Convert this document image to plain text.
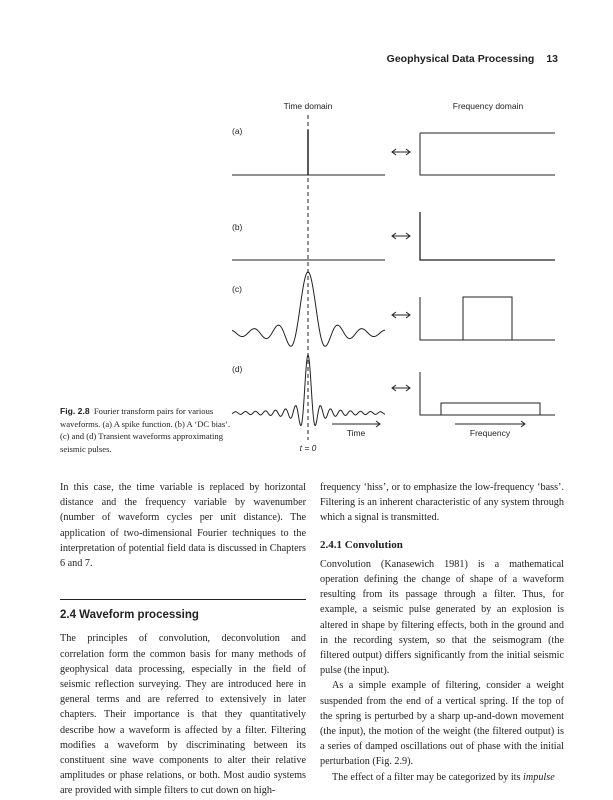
Geophysical Data Processing 13
Time domain	Frequency domain
(a)
(b)
(c)
(d)
Time	Frequency
t = 0
Fig. 2.8 Fourier transform pairs for various waveforms. (a) A spike function. (b) A ‘DC bias’. (c) and (d) Transient waveforms approximating seismic pulses.

In this case, the time variable is replaced by horizontal distance and the frequency variable by wavenumber (number of waveform cycles per unit distance). The application of two-dimensional Fourier techniques to the interpretation of potential field data is discussed in Chapters 6 and 7.

2.4 Waveform processing

The principles of convolution, deconvolution and correlation form the common basis for many methods of geophysical data processing, especially in the field of seismic reflection surveying. They are introduced here in general terms and are referred to extensively in later chapters. Their importance is that they quantitatively describe how a waveform is affected by a filter. Filtering modifies a waveform by discriminating between its constituent sine wave components to alter their relative amplitudes or phase relations, or both. Most audio systems are provided with simple filters to cut down on high-

frequency ‘hiss’, or to emphasize the low-frequency ‘bass’. Filtering is an inherent characteristic of any system through which a signal is transmitted.

2.4.1 Convolution

Convolution (Kanasewich 1981) is a mathematical operation defining the change of shape of a waveform resulting from its passage through a filter. Thus, for example, a seismic pulse generated by an explosion is altered in shape by filtering effects, both in the ground and in the recording system, so that the seismogram (the filtered output) differs significantly from the initial seismic pulse (the input).

As a simple example of filtering, consider a weight suspended from the end of a vertical spring. If the top of the spring is perturbed by a sharp up-and-down movement (the input), the motion of the weight (the filtered output) is a series of damped oscillations out of phase with the initial perturbation (Fig. 2.9).

The effect of a filter may be categorized by its impulse
